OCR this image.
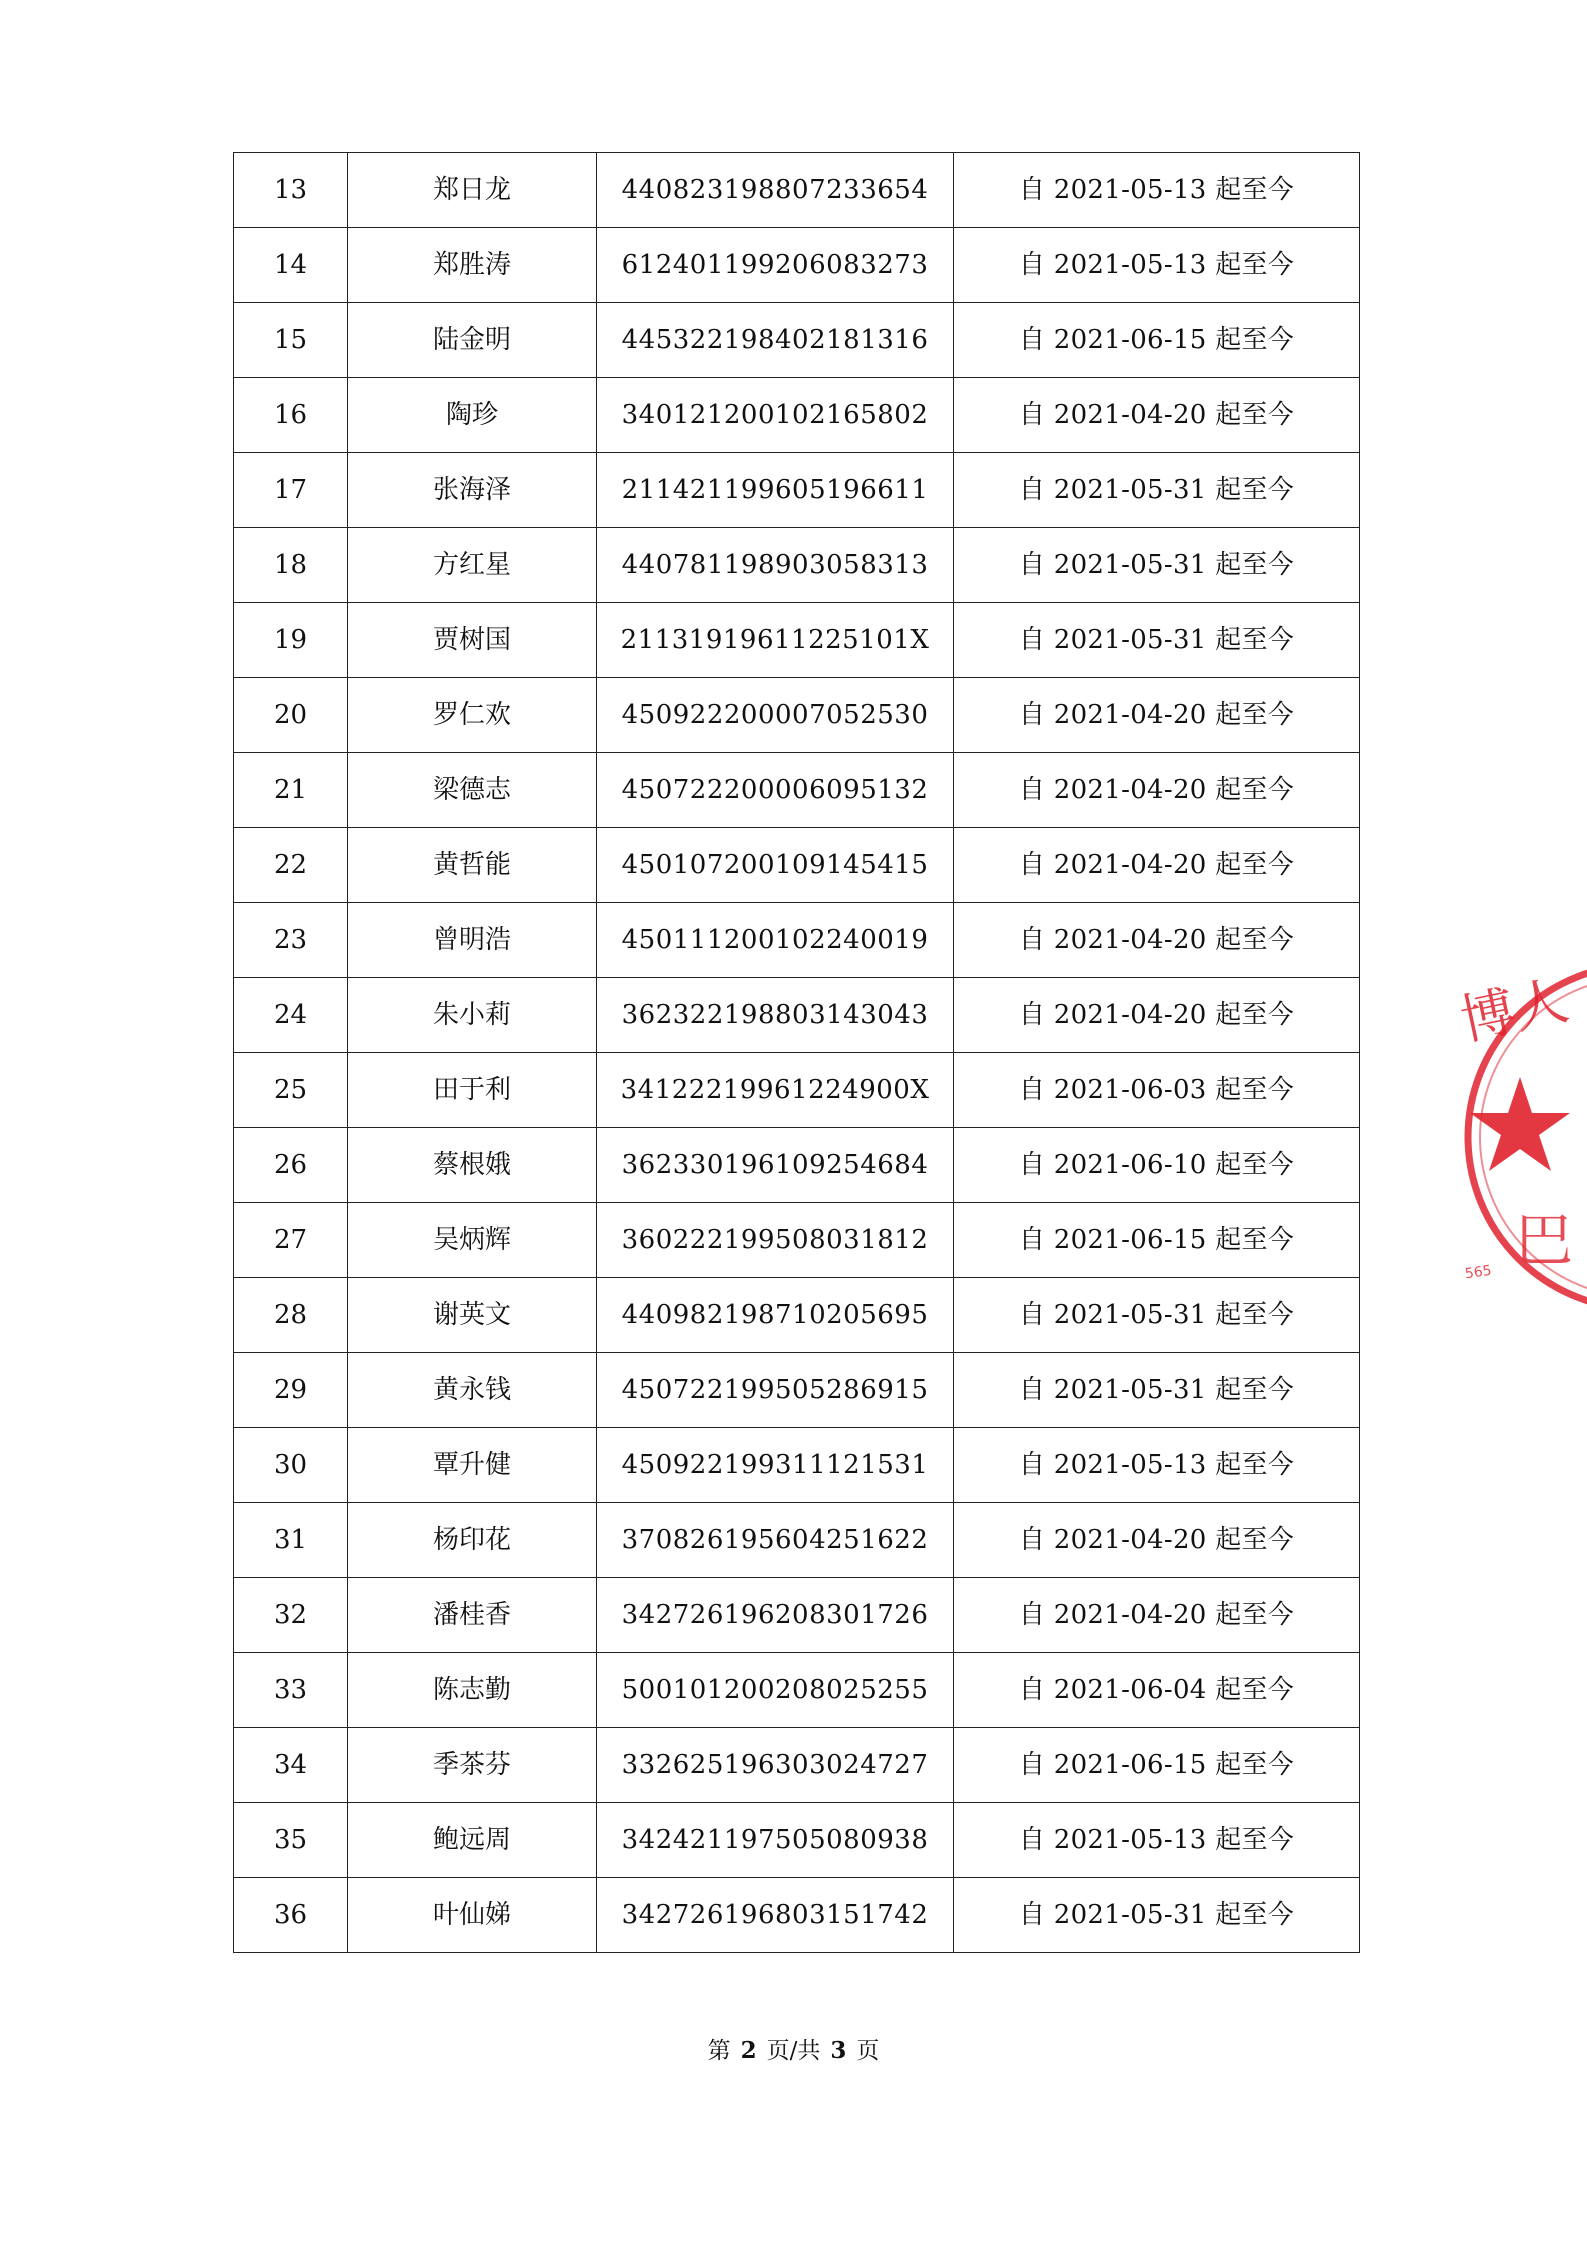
13	郑日龙	440823198807233654	自 2021-05-13 起至今
14	郑胜涛	612401199206083273	自 2021-05-13 起至今
15	陆金明	445322198402181316	自 2021-06-15 起至今
16	陶珍	340121200102165802	自 2021-04-20 起至今
17	张海泽	211421199605196611	自 2021-05-31 起至今
18	方红星	440781198903058313	自 2021-05-31 起至今
19	贾树国	21131919611225101X	自 2021-05-31 起至今
20	罗仁欢	450922200007052530	自 2021-04-20 起至今
21	梁德志	450722200006095132	自 2021-04-20 起至今
22	黄哲能	450107200109145415	自 2021-04-20 起至今
23	曾明浩	450111200102240019	自 2021-04-20 起至今
24	朱小莉	362322198803143043	自 2021-04-20 起至今
25	田于利	34122219961224900X	自 2021-06-03 起至今
26	蔡根娥	362330196109254684	自 2021-06-10 起至今
27	吴炳辉	360222199508031812	自 2021-06-15 起至今
28	谢英文	440982198710205695	自 2021-05-31 起至今
29	黄永钱	450722199505286915	自 2021-05-31 起至今
30	覃升健	450922199311121531	自 2021-05-13 起至今
31	杨印花	370826195604251622	自 2021-04-20 起至今
32	潘桂香	342726196208301726	自 2021-04-20 起至今
33	陈志勤	500101200208025255	自 2021-06-04 起至今
34	季茶芬	332625196303024727	自 2021-06-15 起至今
35	鲍远周	342421197505080938	自 2021-05-13 起至今
36	叶仙娣	342726196803151742	自 2021-05-31 起至今
第 2 页/共 3 页
博人
巴
565
